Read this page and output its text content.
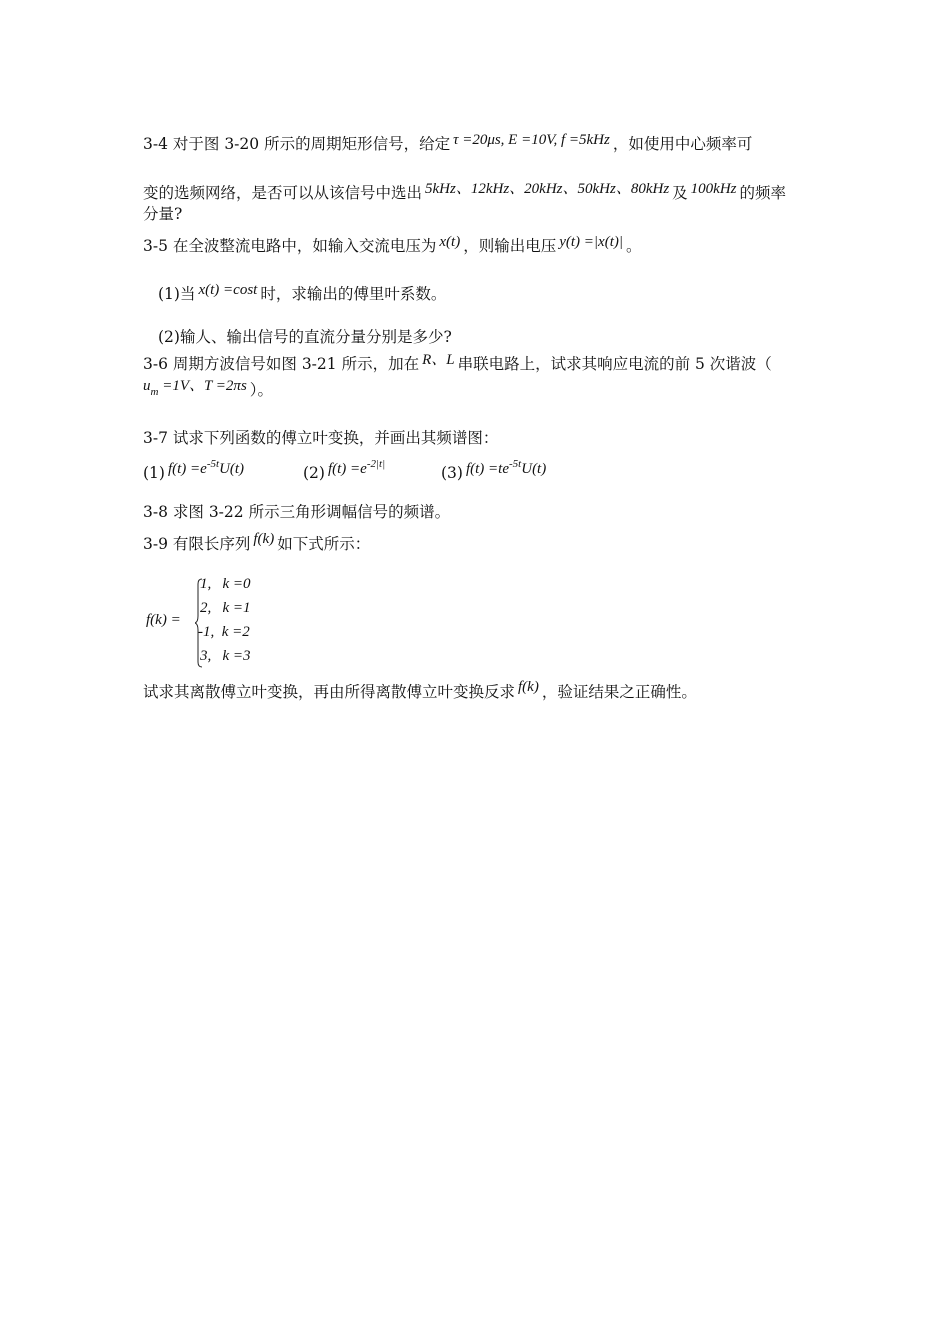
3-4 对于图 3-20 所示的周期矩形信号，给定 τ =20μs, E =10V, f =5kHz ，如使用中心频率可
变的选频网络，是否可以从该信号中选出 5kHz、12kHz、20kHz、50kHz、80kHz 及 100kHz 的频率
分量?
3-5 在全波整流电路中，如输入交流电压为 x(t) ，则输出电压 y(t) =|x(t)| 。
(1)当 x(t) =cost 时，求输出的傅里叶系数。
(2)输人、输出信号的直流分量分别是多少?
3-6 周期方波信号如图 3-21 所示，加在 R、L 串联电路上，试求其响应电流的前 5 次谐波（
$u_m =1V$、T =2πs ）。
3-7 试求下列函数的傅立叶变换，并画出其频谱图：
(1) $f(t) =e^{-5t}U(t)$	(2) $f(t) =e^{-2|t|}$	(3) $f(t) =te^{-5t}U(t)$
3-8 求图 3-22 所示三角形调幅信号的频谱。
3-9 有限长序列 f(k) 如下式所示：
f(k) =
1,   k =0
2,   k =1
-1,  k =2
3,   k =3
试求其离散傅立叶变换，再由所得离散傅立叶变换反求 f(k) ，验证结果之正确性。
